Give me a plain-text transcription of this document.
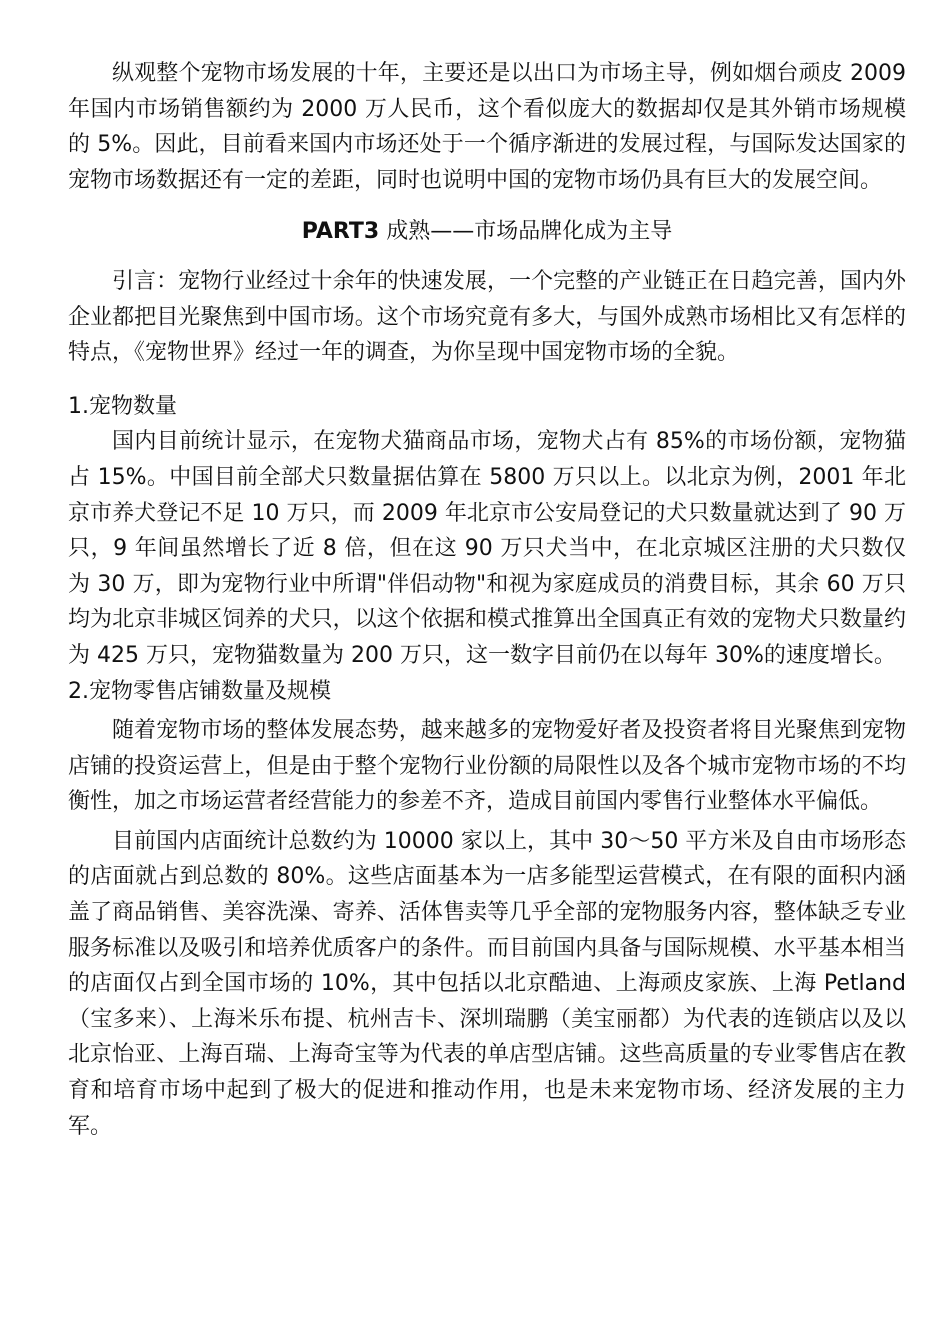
纵观整个宠物市场发展的十年，主要还是以出口为市场主导，例如烟台顽皮 2009 年国内市场销售额约为 2000 万人民币，这个看似庞大的数据却仅是其外销市场规模的 5%。因此，目前看来国内市场还处于一个循序渐进的发展过程，与国际发达国家的宠物市场数据还有一定的差距，同时也说明中国的宠物市场仍具有巨大的发展空间。

PART3 成熟——市场品牌化成为主导

引言：宠物行业经过十余年的快速发展，一个完整的产业链正在日趋完善，国内外企业都把目光聚焦到中国市场。这个市场究竟有多大，与国外成熟市场相比又有怎样的特点，《宠物世界》经过一年的调查，为你呈现中国宠物市场的全貌。

1.宠物数量

国内目前统计显示，在宠物犬猫商品市场，宠物犬占有 85%的市场份额，宠物猫占 15%。中国目前全部犬只数量据估算在 5800 万只以上。以北京为例，2001 年北京市养犬登记不足 10 万只，而 2009 年北京市公安局登记的犬只数量就达到了 90 万只，9 年间虽然增长了近 8 倍，但在这 90 万只犬当中，在北京城区注册的犬只数仅为 30 万，即为宠物行业中所谓"伴侣动物"和视为家庭成员的消费目标，其余 60 万只均为北京非城区饲养的犬只，以这个依据和模式推算出全国真正有效的宠物犬只数量约为 425 万只，宠物猫数量为 200 万只，这一数字目前仍在以每年 30%的速度增长。

2.宠物零售店铺数量及规模

随着宠物市场的整体发展态势，越来越多的宠物爱好者及投资者将目光聚焦到宠物店铺的投资运营上，但是由于整个宠物行业份额的局限性以及各个城市宠物市场的不均衡性，加之市场运营者经营能力的参差不齐，造成目前国内零售行业整体水平偏低。

目前国内店面统计总数约为 10000 家以上，其中 30～50 平方米及自由市场形态的店面就占到总数的 80%。这些店面基本为一店多能型运营模式，在有限的面积内涵盖了商品销售、美容洗澡、寄养、活体售卖等几乎全部的宠物服务内容，整体缺乏专业服务标准以及吸引和培养优质客户的条件。而目前国内具备与国际规模、水平基本相当的店面仅占到全国市场的 10%，其中包括以北京酷迪、上海顽皮家族、上海 Petland（宝多来）、上海米乐布提、杭州吉卡、深圳瑞鹏（美宝丽都）为代表的连锁店以及以北京怡亚、上海百瑞、上海奇宝等为代表的单店型店铺。这些高质量的专业零售店在教育和培育市场中起到了极大的促进和推动作用，也是未来宠物市场、经济发展的主力军。
